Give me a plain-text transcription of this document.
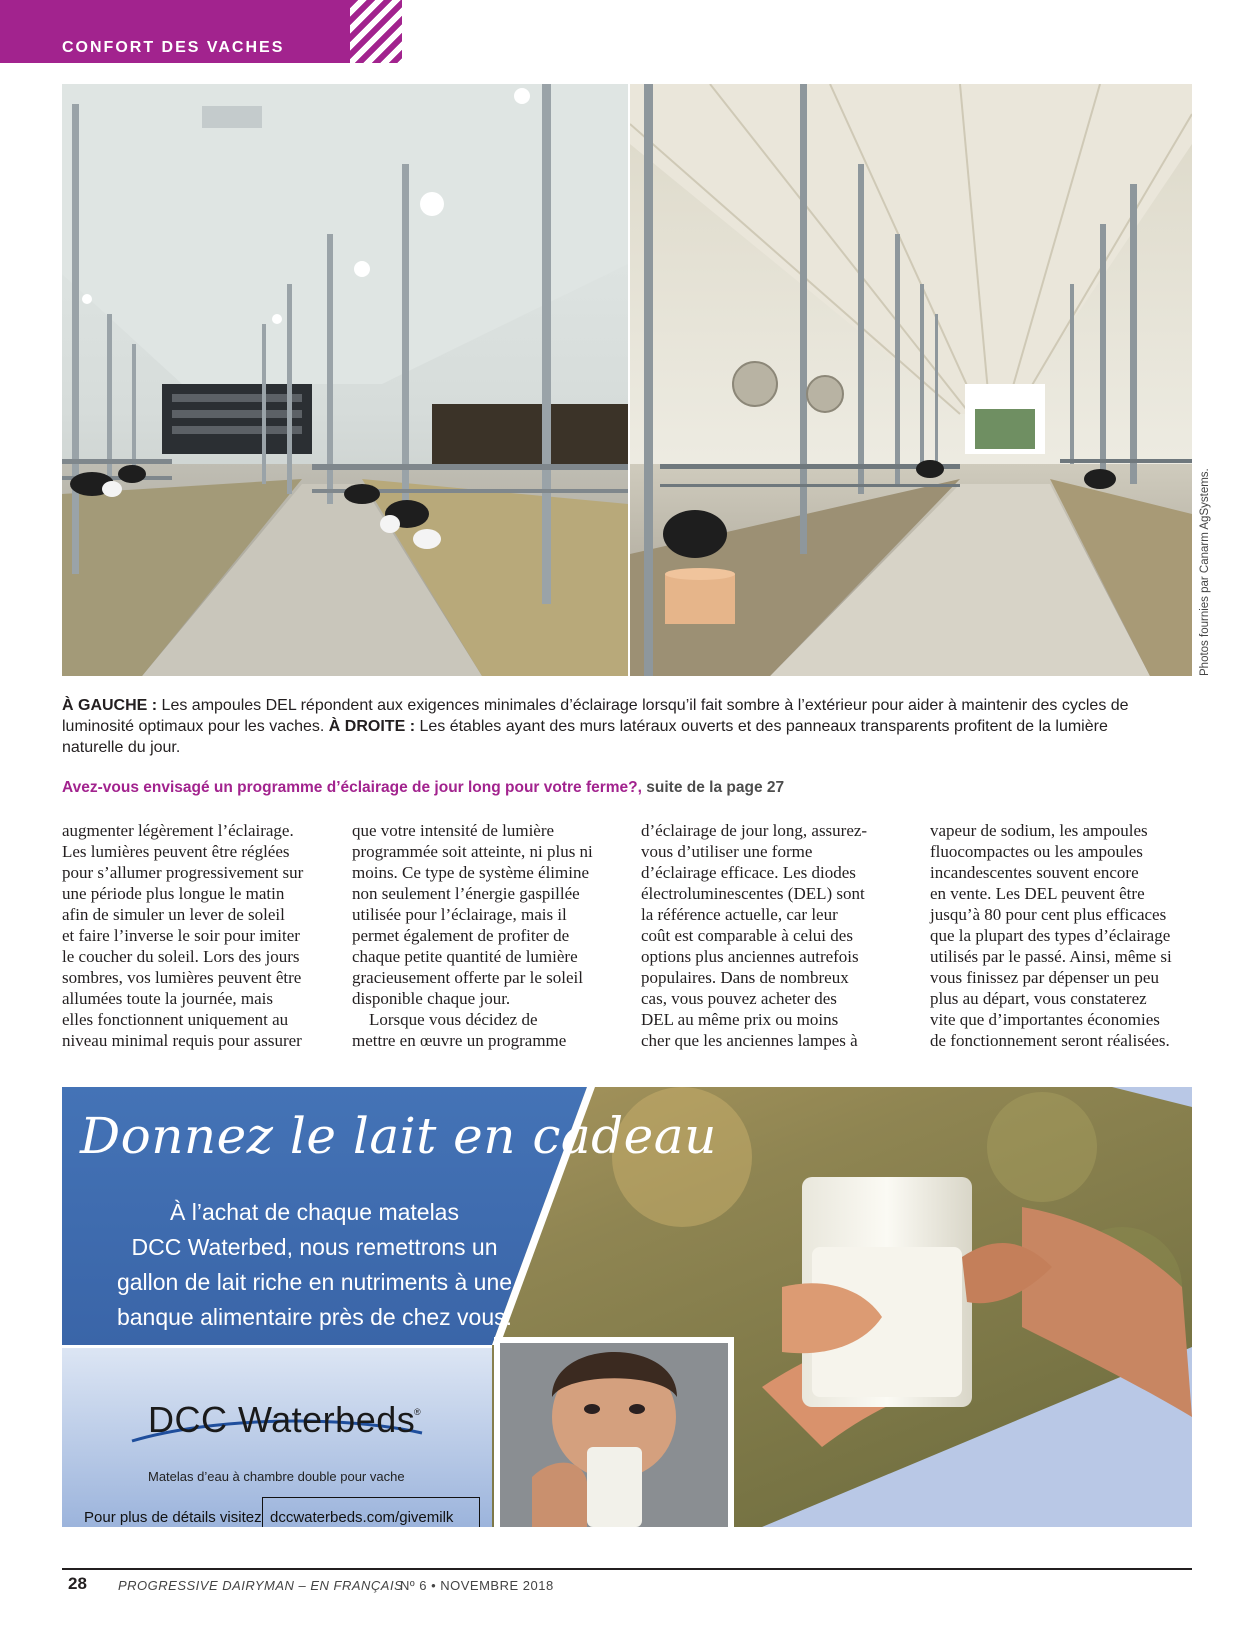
CONFORT DES VACHES
Photos fournies par Canarm AgSystems.
À GAUCHE : Les ampoules DEL répondent aux exigences minimales d’éclairage lorsqu’il fait sombre à l’extérieur pour aider à maintenir des cycles de luminosité optimaux pour les vaches. À DROITE : Les étables ayant des murs latéraux ouverts et des panneaux transparents profitent de la lumière naturelle du jour.
Avez-vous envisagé un programme d’éclairage de jour long pour votre ferme?, suite de la page 27

augmenter légèrement l’éclairage.

Les lumières peuvent être réglées

pour s’allumer progressivement sur

une période plus longue le matin

afin de simuler un lever de soleil

et faire l’inverse le soir pour imiter

le coucher du soleil. Lors des jours

sombres, vos lumières peuvent être

allumées toute la journée, mais

elles fonctionnent uniquement au

niveau minimal requis pour assurer

que votre intensité de lumière

programmée soit atteinte, ni plus ni

moins. Ce type de système élimine

non seulement l’énergie gaspillée

utilisée pour l’éclairage, mais il

permet également de profiter de

chaque petite quantité de lumière

gracieusement offerte par le soleil

disponible chaque jour.

Lorsque vous décidez de

mettre en œuvre un programme

d’éclairage de jour long, assurez-

vous d’utiliser une forme

d’éclairage efficace. Les diodes

électroluminescentes (DEL) sont

la référence actuelle, car leur

coût est comparable à celui des

options plus anciennes autrefois

populaires. Dans de nombreux

cas, vous pouvez acheter des

DEL au même prix ou moins

cher que les anciennes lampes à

vapeur de sodium, les ampoules

fluocompactes ou les ampoules

incandescentes souvent encore

en vente. Les DEL peuvent être

jusqu’à 80 pour cent plus efficaces

que la plupart des types d’éclairage

utilisés par le passé. Ainsi, même si

vous finissez par dépenser un peu

plus au départ, vous constaterez

vite que d’importantes économies

de fonctionnement seront réalisées.

Donnez le lait en cadeau
À l’achat de chaque matelas
DCC Waterbed, nous remettrons un
gallon de lait riche en nutriments à une
banque alimentaire près de chez vous.
DCC Waterbeds
®
Matelas d’eau à chambre double pour vache
Pour plus de détails visitez dccwaterbeds.com/givemilk
28 PROGRESSIVE DAIRYMAN – EN FRANÇAIS
Nº 6 • NOVEMBRE 2018
